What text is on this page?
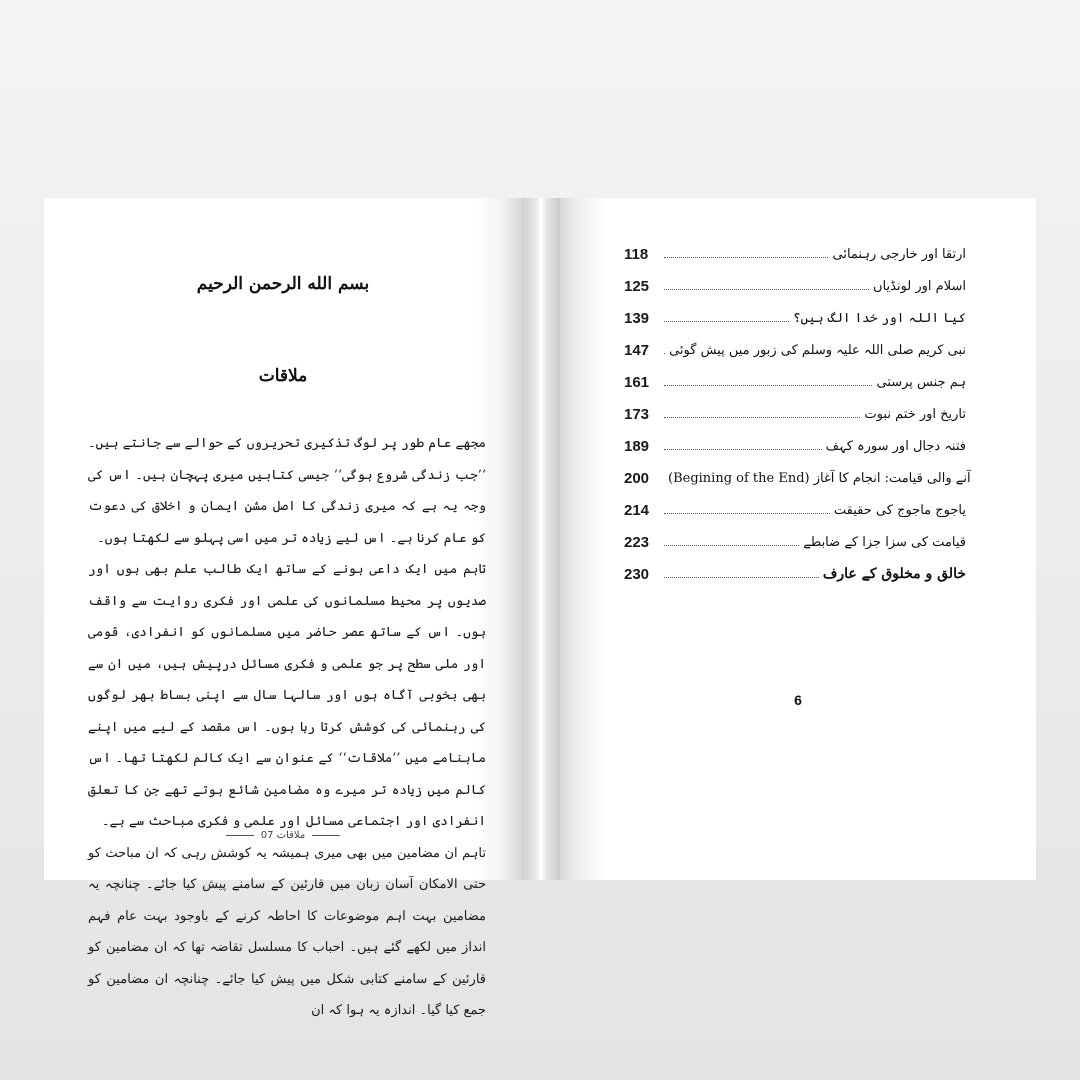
بسم الله الرحمن الرحیم
ملاقات

مجھے عام طور پر لوگ تذکیری تحریروں کے حوالے سے جانتے ہیں۔ ’’جب زندگی شروع ہوگی‘‘ جیسی کتابیں میری پہچان ہیں۔ اس کی وجہ یہ ہے کہ میری زندگی کا اصل مشن ایمان و اخلاق کی دعوت کو عام کرنا ہے۔ اس لیے زیادہ تر میں اسی پہلو سے لکھتا ہوں۔

تاہم میں ایک داعی ہونے کے ساتھ ایک طالب علم بھی ہوں اور صدیوں پر محیط مسلمانوں کی علمی اور فکری روایت سے واقف ہوں۔ اس کے ساتھ عصر حاضر میں مسلمانوں کو انفرادی، قومی اور ملی سطح پر جو علمی و فکری مسائل درپیش ہیں، میں ان سے بھی بخوبی آگاہ ہوں اور سالہا سال سے اپنی بساط بھر لوگوں کی رہنمائی کی کوشش کرتا رہا ہوں۔ اس مقصد کے لیے میں اپنے ماہنامے میں ’’ملاقات‘‘ کے عنوان سے ایک کالم لکھتا تھا۔ اس کالم میں زیادہ تر میرے وہ مضامین شائع ہوتے تھے جن کا تعلق انفرادی اور اجتماعی مسائل اور علمی و فکری مباحث سے ہے۔

تاہم ان مضامین میں بھی میری ہمیشہ یہ کوشش رہی کہ ان مباحث کو حتی الامکان آسان زبان میں قارئین کے سامنے پیش کیا جائے۔ چنانچہ یہ مضامین بہت اہم موضوعات کا احاطہ کرنے کے باوجود بہت عام فہم انداز میں لکھے گئے ہیں۔ احباب کا مسلسل تقاضہ تھا کہ ان مضامین کو قارئین کے سامنے کتابی شکل میں پیش کیا جائے۔ چنانچہ ان مضامین کو جمع کیا گیا۔ اندازہ یہ ہوا کہ ان

07 ملاقات
118	ارتقا اور خارجی رہنمائی
125	اسلام اور لونڈیاں
139	کیا اللہ اور خدا الگ ہیں؟
147	نبی کریم صلی اللہ علیہ وسلم کی زبور میں پیش گوئی
161	ہم جنس پرستی
173	تاریخ اور ختم نبوت
189	فتنہ دجال اور سورہ کہف
200	آنے والی قیامت: انجام کا آغاز (Begining of the End)
214	یاجوج ماجوج کی حقیقت
223	قیامت کی سزا جزا کے ضابطے
230	خالق و مخلوق کے عارف
6
